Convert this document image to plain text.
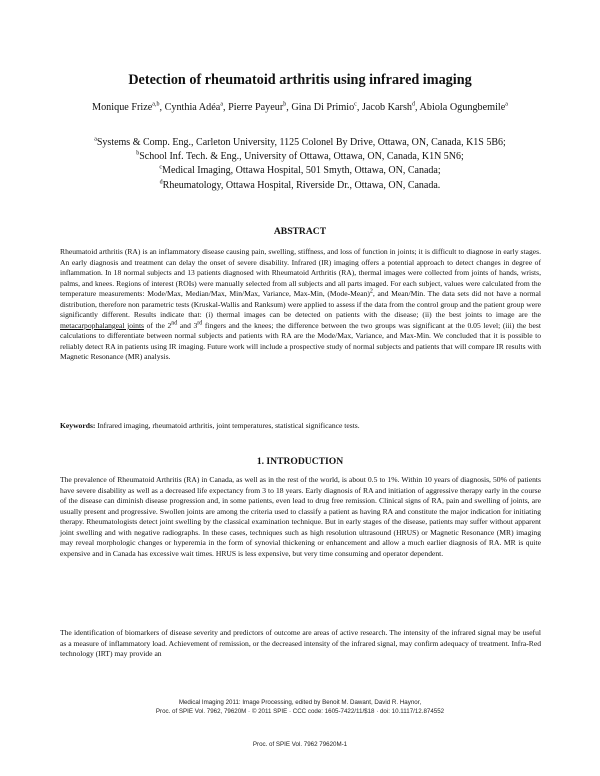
Detection of rheumatoid arthritis using infrared imaging
Monique Frize$^{a,b}$, Cynthia Adéa$^a$, Pierre Payeur$^b$, Gina Di Primio$^c$, Jacob Karsh$^d$, Abiola Ogungbemile$^a$
$^a$Systems & Comp. Eng., Carleton University, 1125 Colonel By Drive, Ottawa, ON, Canada, K1S 5B6;
$^b$School Inf. Tech. & Eng., University of Ottawa, Ottawa, ON, Canada, K1N 5N6;
$^c$Medical Imaging, Ottawa Hospital, 501 Smyth, Ottawa, ON, Canada;
$^d$Rheumatology, Ottawa Hospital, Riverside Dr., Ottawa, ON, Canada.
ABSTRACT

Rheumatoid arthritis (RA) is an inflammatory disease causing pain, swelling, stiffness, and loss of function in joints; it is difficult to diagnose in early stages. An early diagnosis and treatment can delay the onset of severe disability. Infrared (IR) imaging offers a potential approach to detect changes in degree of inflammation. In 18 normal subjects and 13 patients diagnosed with Rheumatoid Arthritis (RA), thermal images were collected from joints of hands, wrists, palms, and knees. Regions of interest (ROIs) were manually selected from all subjects and all parts imaged. For each subject, values were calculated from the temperature measurements: Mode/Max, Median/Max, Min/Max, Variance, Max-Min, (Mode-Mean)$^2$, and Mean/Min. The data sets did not have a normal distribution, therefore non parametric tests (Kruskal-Wallis and Ranksum) were applied to assess if the data from the control group and the patient group were significantly different. Results indicate that: (i) thermal images can be detected on patients with the disease; (ii) the best joints to image are the metacarpophalangeal joints of the 2nd and 3rd fingers and the knees; the difference between the two groups was significant at the 0.05 level; (iii) the best calculations to differentiate between normal subjects and patients with RA are the Mode/Max, Variance, and Max-Min. We concluded that it is possible to reliably detect RA in patients using IR imaging. Future work will include a prospective study of normal subjects and patients that will compare IR results with Magnetic Resonance (MR) analysis.

Keywords: Infrared imaging, rheumatoid arthritis, joint temperatures, statistical significance tests.
1. INTRODUCTION

The prevalence of Rheumatoid Arthritis (RA) in Canada, as well as in the rest of the world, is about 0.5 to 1%. Within 10 years of diagnosis, 50% of patients have severe disability as well as a decreased life expectancy from 3 to 18 years. Early diagnosis of RA and initiation of aggressive therapy early in the course of the disease can diminish disease progression and, in some patients, even lead to drug free remission. Clinical signs of RA, pain and swelling of joints, are usually present and progressive. Swollen joints are among the criteria used to classify a patient as having RA and constitute the major indication for initiating therapy. Rheumatologists detect joint swelling by the classical examination technique. But in early stages of the disease, patients may suffer without apparent joint swelling and with negative radiographs. In these cases, techniques such as high resolution ultrasound (HRUS) or Magnetic Resonance (MR) imaging may reveal morphologic changes or hyperemia in the form of synovial thickening or enhancement and allow a much earlier diagnosis of RA. MR is quite expensive and in Canada has excessive wait times. HRUS is less expensive, but very time consuming and operator dependent.

The identification of biomarkers of disease severity and predictors of outcome are areas of active research. The intensity of the infrared signal may be useful as a measure of inflammatory load. Achievement of remission, or the decreased intensity of the infrared signal, may confirm adequacy of treatment. Infra-Red technology (IRT) may provide an

Medical Imaging 2011: Image Processing, edited by Benoit M. Dawant, David R. Haynor,
Proc. of SPIE Vol. 7962, 79620M · © 2011 SPIE · CCC code: 1605-7422/11/$18 · doi: 10.1117/12.874552
Proc. of SPIE Vol. 7962 79620M-1
